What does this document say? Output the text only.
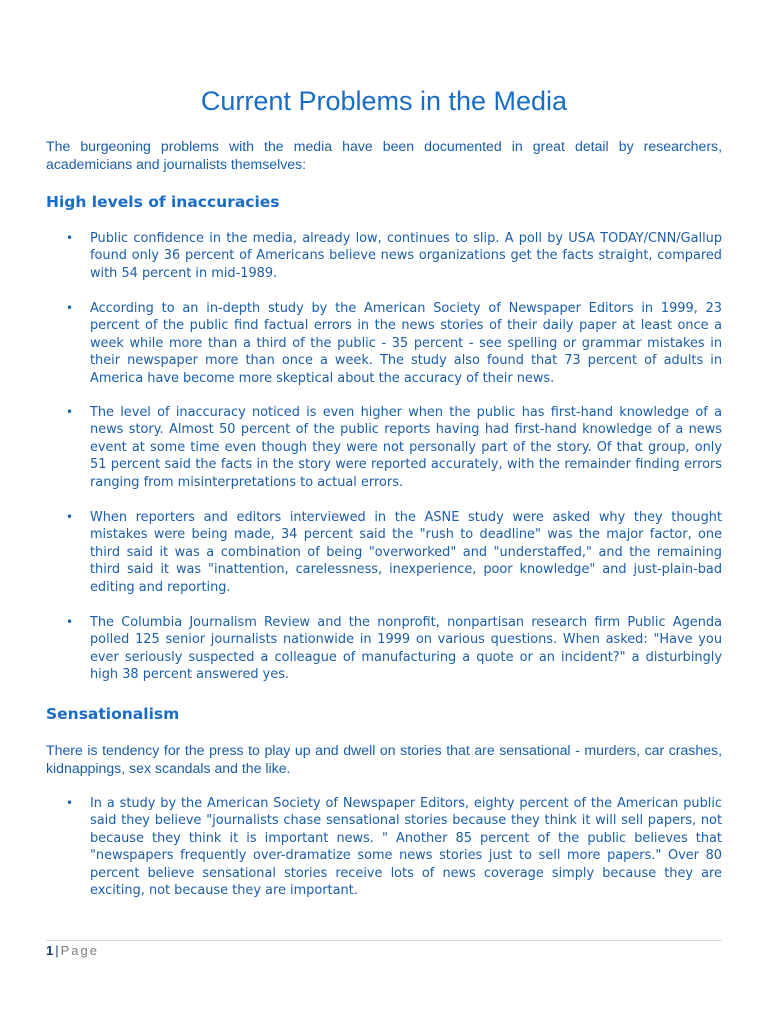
Current Problems in the Media
The burgeoning problems with the media have been documented in great detail by researchers, academicians and journalists themselves:
High levels of inaccuracies
• Public confidence in the media, already low, continues to slip. A poll by USA TODAY/CNN/Gallup found only 36 percent of Americans believe news organizations get the facts straight, compared with 54 percent in mid-1989.
• According to an in-depth study by the American Society of Newspaper Editors in 1999, 23 percent of the public find factual errors in the news stories of their daily paper at least once a week while more than a third of the public - 35 percent - see spelling or grammar mistakes in their newspaper more than once a week. The study also found that 73 percent of adults in America have become more skeptical about the accuracy of their news.
• The level of inaccuracy noticed is even higher when the public has first-hand knowledge of a news story. Almost 50 percent of the public reports having had first-hand knowledge of a news event at some time even though they were not personally part of the story. Of that group, only 51 percent said the facts in the story were reported accurately, with the remainder finding errors ranging from misinterpretations to actual errors.
• When reporters and editors interviewed in the ASNE study were asked why they thought mistakes were being made, 34 percent said the "rush to deadline" was the major factor, one third said it was a combination of being "overworked" and "understaffed," and the remaining third said it was "inattention, carelessness, inexperience, poor knowledge" and just-plain-bad editing and reporting.
• The Columbia Journalism Review and the nonprofit, nonpartisan research firm Public Agenda polled 125 senior journalists nationwide in 1999 on various questions. When asked: "Have you ever seriously suspected a colleague of manufacturing a quote or an incident?" a disturbingly high 38 percent answered yes.
Sensationalism
There is tendency for the press to play up and dwell on stories that are sensational - murders, car crashes, kidnappings, sex scandals and the like.
• In a study by the American Society of Newspaper Editors, eighty percent of the American public said they believe "journalists chase sensational stories because they think it will sell papers, not because they think it is important news. " Another 85 percent of the public believes that "newspapers frequently over-dramatize some news stories just to sell more papers." Over 80 percent believe sensational stories receive lots of news coverage simply because they are exciting, not because they are important.
1 | Page
